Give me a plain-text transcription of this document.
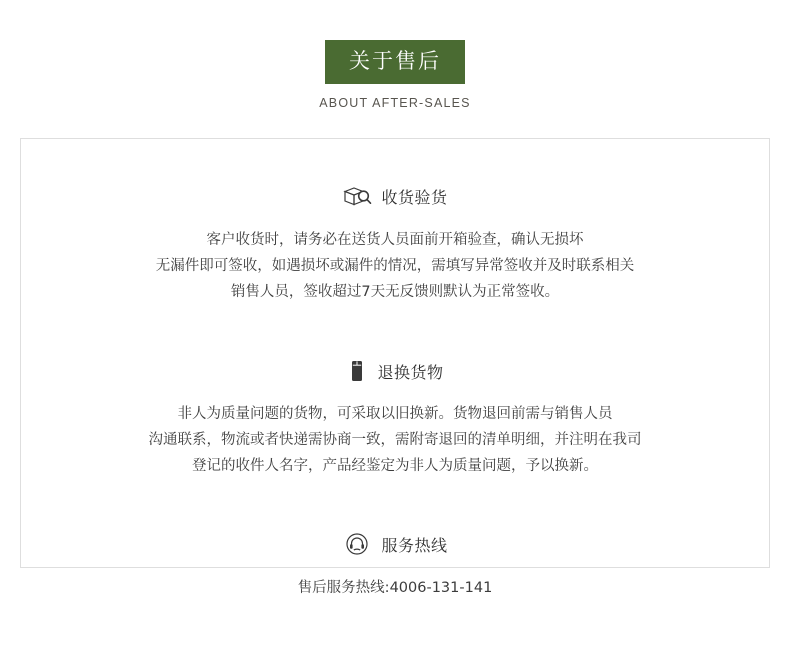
关于售后
ABOUT AFTER-SALES
收货验货

客户收货时，请务必在送货人员面前开箱验查，确认无损坏

无漏件即可签收，如遇损坏或漏件的情况，需填写异常签收并及时联系相关

销售人员，签收超过7天无反馈则默认为正常签收。

退换货物

非人为质量问题的货物，可采取以旧换新。货物退回前需与销售人员

沟通联系，物流或者快递需协商一致，需附寄退回的清单明细，并注明在我司

登记的收件人名字，产品经鉴定为非人为质量问题，予以换新。

服务热线

售后服务热线:4006-131-141
